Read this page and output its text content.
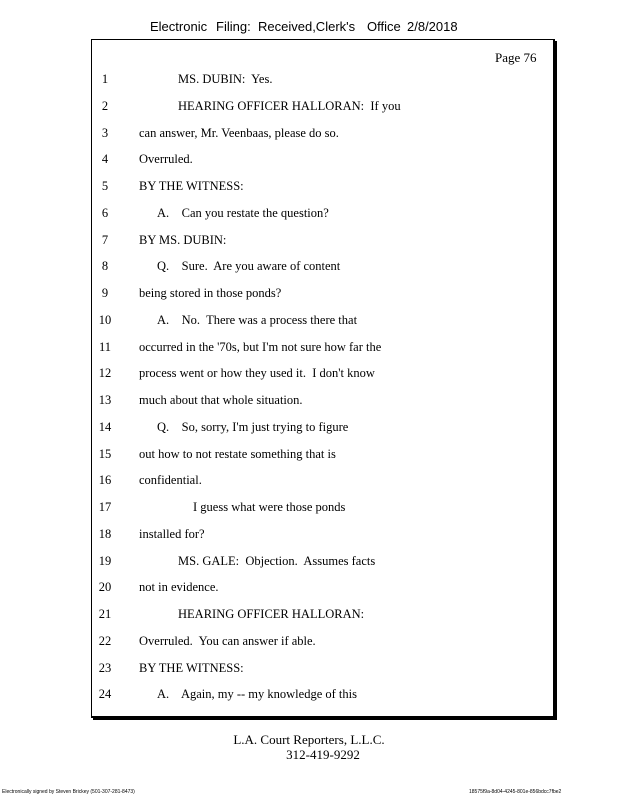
Electronic Filing: Received,Clerk's Office 2/8/2018
Page 76
1	MS. DUBIN:  Yes.
2	HEARING OFFICER HALLORAN:  If you
3	can answer, Mr. Veenbaas, please do so.
4	Overruled.
5	BY THE WITNESS:
6	A.    Can you restate the question?
7	BY MS. DUBIN:
8	Q.    Sure.  Are you aware of content
9	being stored in those ponds?
10	A.    No.  There was a process there that
11	occurred in the '70s, but I'm not sure how far the
12	process went or how they used it.  I don't know
13	much about that whole situation.
14	Q.    So, sorry, I'm just trying to figure
15	out how to not restate something that is
16	confidential.
17	I guess what were those ponds
18	installed for?
19	MS. GALE:  Objection.  Assumes facts
20	not in evidence.
21	HEARING OFFICER HALLORAN:
22	Overruled.  You can answer if able.
23	BY THE WITNESS:
24	A.    Again, my -- my knowledge of this
L.A. Court Reporters, L.L.C.
312-419-9292
Electronically signed by Steven Brickey (501-307-281-8473)	18575f9a-8d04-4245-801e-856bdcc7fbe2
